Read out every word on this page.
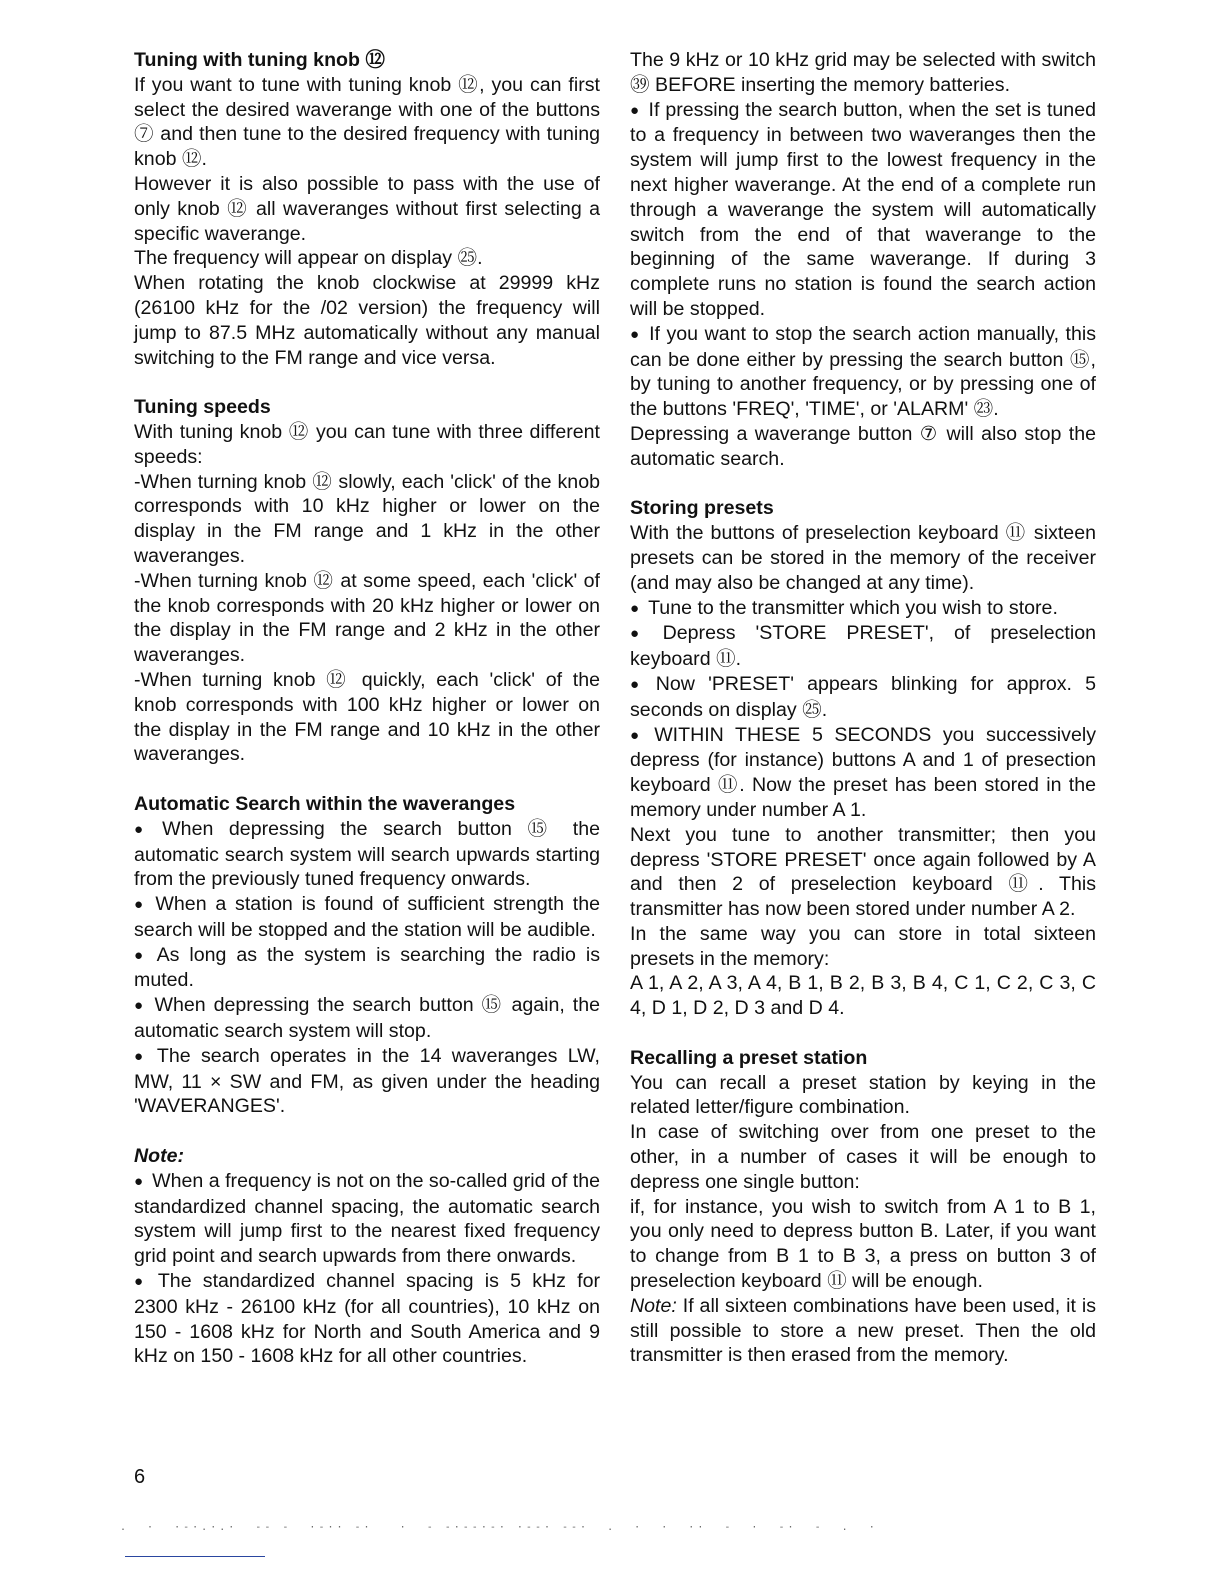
Tuning with tuning knob ⑫

If you want to tune with tuning knob ⑫, you can first select the desired waverange with one of the buttons ⑦ and then tune to the desired frequency with tuning knob ⑫.

However it is also possible to pass with the use of only knob ⑫ all waveranges without first selecting a specific waverange.

The frequency will appear on display ㉕.

When rotating the knob clockwise at 29999 kHz (26100 kHz for the /02 version) the frequency will jump to 87.5 MHz automatically without any manual switching to the FM range and vice versa.

Tuning speeds

With tuning knob ⑫ you can tune with three different speeds:

-When turning knob ⑫ slowly, each 'click' of the knob corresponds with 10 kHz higher or lower on the display in the FM range and 1 kHz in the other waveranges.

-When turning knob ⑫ at some speed, each 'click' of the knob corresponds with 20 kHz higher or lower on the display in the FM range and 2 kHz in the other waveranges.

-When turning knob ⑫ quickly, each 'click' of the knob corresponds with 100 kHz higher or lower on the display in the FM range and 10 kHz in the other waveranges.

Automatic Search within the waveranges

● When depressing the search button ⑮ the automatic search system will search upwards starting from the previously tuned frequency onwards.

● When a station is found of sufficient strength the search will be stopped and the station will be audible.

● As long as the system is searching the radio is muted.

● When depressing the search button ⑮ again, the automatic search system will stop.

● The search operates in the 14 waveranges LW, MW, 11 × SW and FM, as given under the heading 'WAVERANGES'.

Note:

● When a frequency is not on the so-called grid of the standardized channel spacing, the automatic search system will jump first to the nearest fixed frequency grid point and search upwards from there onwards.

● The standardized channel spacing is 5 kHz for 2300 kHz - 26100 kHz (for all countries), 10 kHz on 150 - 1608 kHz for North and South America and 9 kHz on 150 - 1608 kHz for all other countries.

The 9 kHz or 10 kHz grid may be selected with switch ㊴ BEFORE inserting the memory batteries.

● If pressing the search button, when the set is tuned to a frequency in between two waveranges then the system will jump first to the lowest frequency in the next higher waverange. At the end of a complete run through a waverange the system will automatically switch from the end of that waverange to the beginning of the same waverange. If during 3 complete runs no station is found the search action will be stopped.

● If you want to stop the search action manually, this can be done either by pressing the search button ⑮, by tuning to another frequency, or by pressing one of the buttons 'FREQ', 'TIME', or 'ALARM' ㉓.

Depressing a waverange button ⑦ will also stop the automatic search.

Storing presets

With the buttons of preselection keyboard ⑪ sixteen presets can be stored in the memory of the receiver (and may also be changed at any time).

● Tune to the transmitter which you wish to store.

● Depress 'STORE PRESET', of preselection keyboard ⑪.

● Now 'PRESET' appears blinking for approx. 5 seconds on display ㉕.

● WITHIN THESE 5 SECONDS you successively depress (for instance) buttons A and 1 of presection keyboard ⑪. Now the preset has been stored in the memory under number A 1.

Next you tune to another transmitter; then you depress 'STORE PRESET' once again followed by A and then 2 of preselection keyboard ⑪. This transmitter has now been stored under number A 2.

In the same way you can store in total sixteen presets in the memory:

A 1, A 2, A 3, A 4, B 1, B 2, B 3, B 4, C 1, C 2, C 3, C 4, D 1, D 2, D 3 and D 4.

Recalling a preset station

You can recall a preset station by keying in the related letter/figure combination.

In case of switching over from one preset to the other, in a number of cases it will be enough to depress one single button:

if, for instance, you wish to switch from A 1 to B 1, you only need to depress button B. Later, if you want to change from B 1 to B 3, a press on button 3 of preselection keyboard ⑪ will be enough.

Note: If all sixteen combinations have been used, it is still possible to store a new preset. Then the old transmitter is then erased from the memory.

6
.  ·  ·-·.·.·  -- -  ·-·· -·   ·  - -·--·-· ·--· --·  .  ·  ·  ··  -  ·  -·  -  .  ·
